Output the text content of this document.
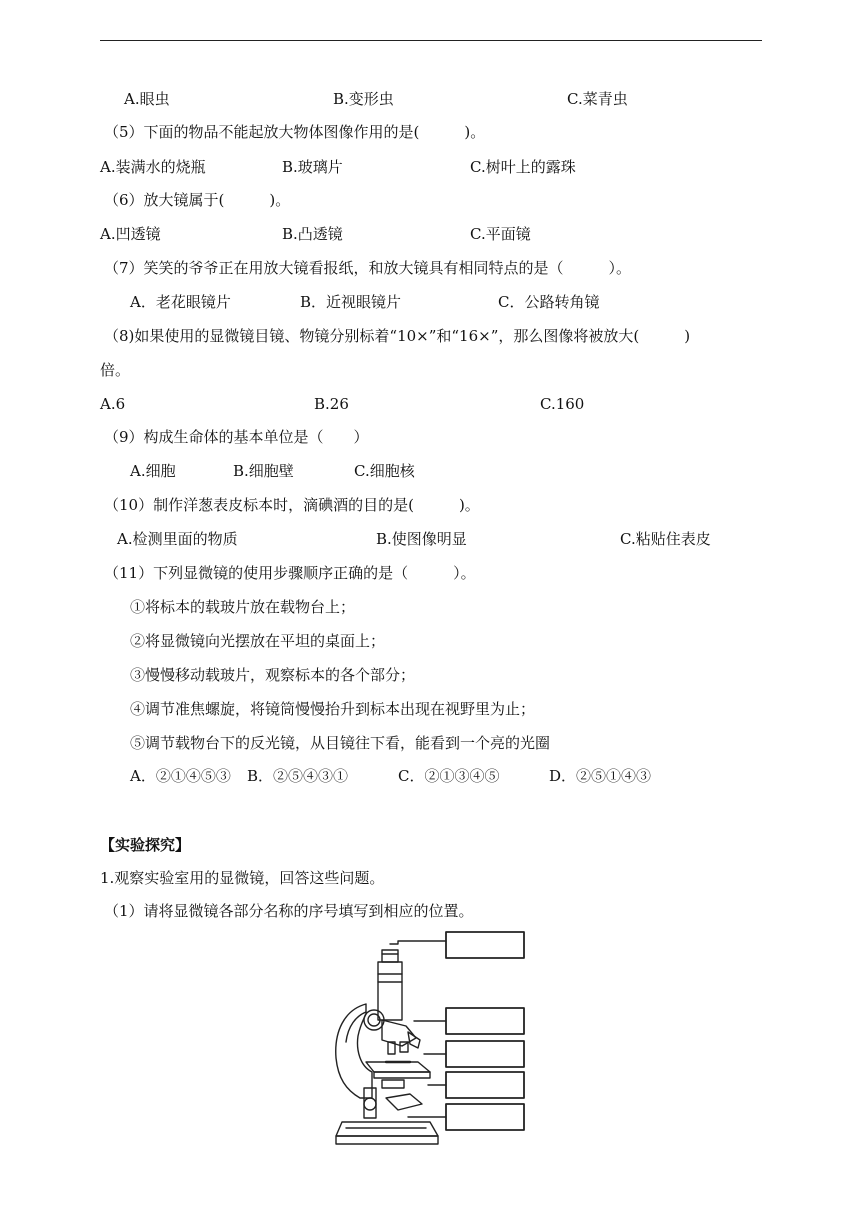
A.眼虫	B.变形虫	C.菜青虫
（5）下面的物品不能起放大物体图像作用的是(　　　)。
A.装满水的烧瓶	B.玻璃片	C.树叶上的露珠
（6）放大镜属于(　　　)。
A.凹透镜	B.凸透镜	C.平面镜
（7）笑笑的爷爷正在用放大镜看报纸，和放大镜具有相同特点的是（　　　）。
A．老花眼镜片	B．近视眼镜片	C．公路转角镜
（8)如果使用的显微镜目镜、物镜分别标着“10×”和“16×”，那么图像将被放大(　　　)
倍。
A.6	B.26	C.160
（9）构成生命体的基本单位是（　　）
A.细胞	B.细胞壁	C.细胞核
（10）制作洋葱表皮标本时，滴碘酒的目的是(　　　)。
A.检测里面的物质	B.使图像明显	C.粘贴住表皮
（11）下列显微镜的使用步骤顺序正确的是（　　　）。
①将标本的载玻片放在载物台上；
②将显微镜向光摆放在平坦的桌面上；
③慢慢移动载玻片，观察标本的各个部分；
④调节准焦螺旋，将镜筒慢慢抬升到标本出现在视野里为止；
⑤调节载物台下的反光镜，从目镜往下看，能看到一个亮的光圈
A．②①④⑤③ B．②⑤④③①	C．②①③④⑤	D．②⑤①④③
【实验探究】
1.观察实验室用的显微镜，回答这些问题。
（1）请将显微镜各部分名称的序号填写到相应的位置。
